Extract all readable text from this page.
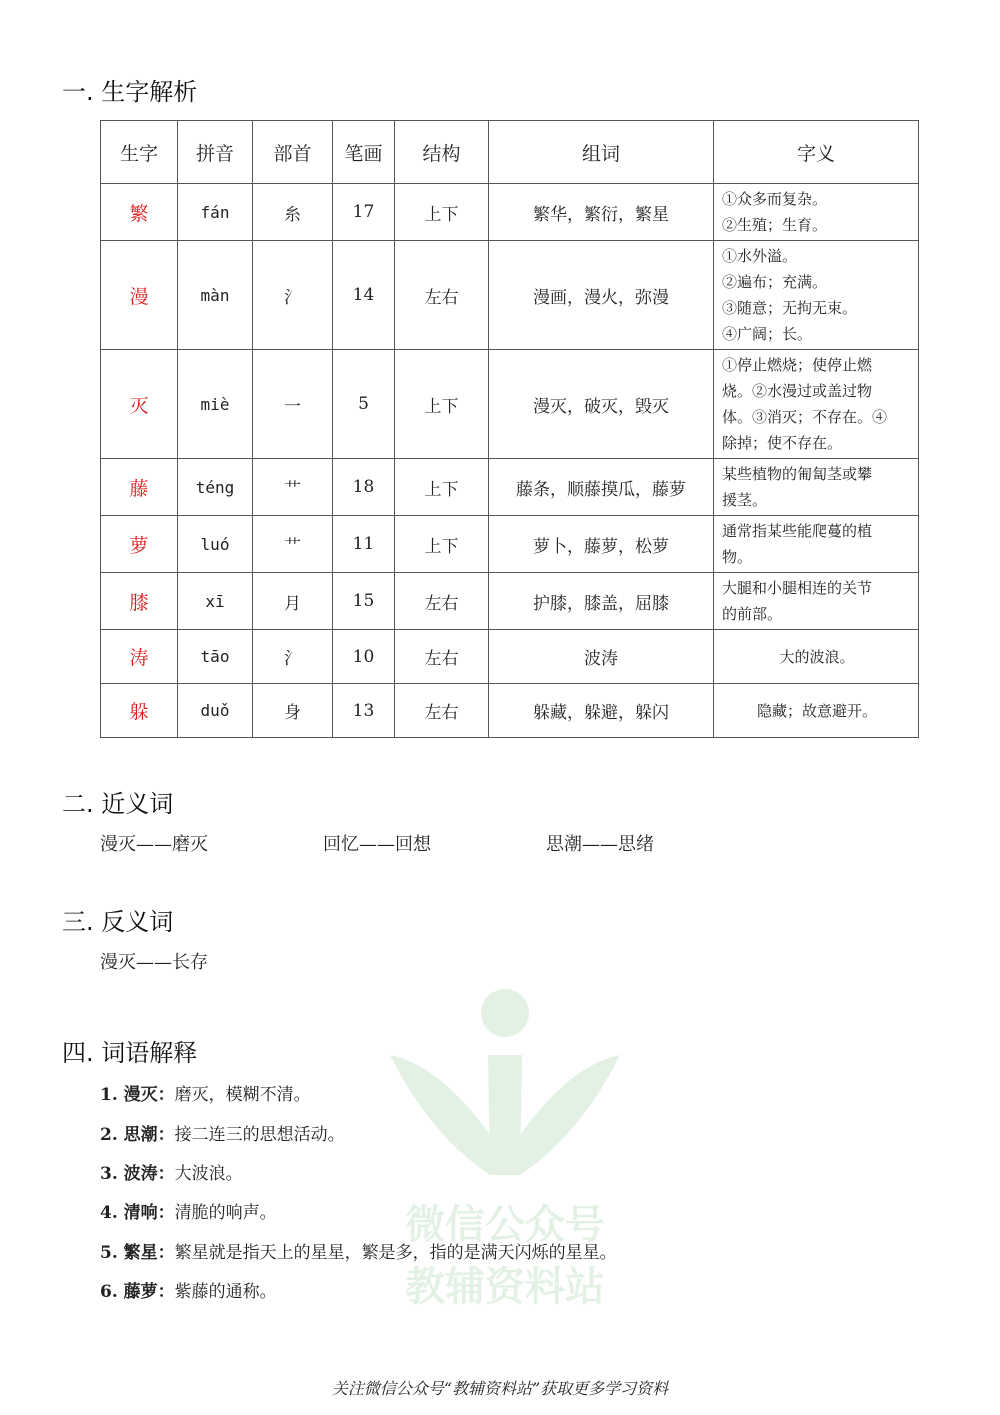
一. 生字解析
生字	拼音	部首	笔画	结构	组词	字义
繁	fán	糸	17	上下	繁华，繁衍，繁星	①众多而复杂。
②生殖；生育。

漫	màn	氵	14	左右	漫画，漫火，弥漫	①水外溢。
②遍布；充满。
③随意；无拘无束。
④广阔；长。

灭	miè	一	5	上下	漫灭，破灭，毁灭	①停止燃烧；使停止燃
烧。②水漫过或盖过物
体。③消灭；不存在。④
除掉；使不存在。

藤	téng	艹	18	上下	藤条，顺藤摸瓜，藤萝	某些植物的匍匐茎或攀
援茎。

萝	luó	艹	11	上下	萝卜，藤萝，松萝	通常指某些能爬蔓的植
物。

膝	xī	月	15	左右	护膝，膝盖，屈膝	大腿和小腿相连的关节
的前部。

涛	tāo	氵	10	左右	波涛	大的波浪。

躲	duǒ	身	13	左右	躲藏，躲避，躲闪	隐藏；故意避开。
二. 近义词
漫灭——磨灭	回忆——回想	思潮——思绪
三. 反义词
漫灭——长存
微信公众号
教辅资料站
四. 词语解释
1. 漫灭：磨灭，模糊不清。
2. 思潮：接二连三的思想活动。
3. 波涛：大波浪。
4. 清响：清脆的响声。
5. 繁星：繁星就是指天上的星星，繁是多，指的是满天闪烁的星星。
6. 藤萝：紫藤的通称。
关注微信公众号“教辅资料站”获取更多学习资料
